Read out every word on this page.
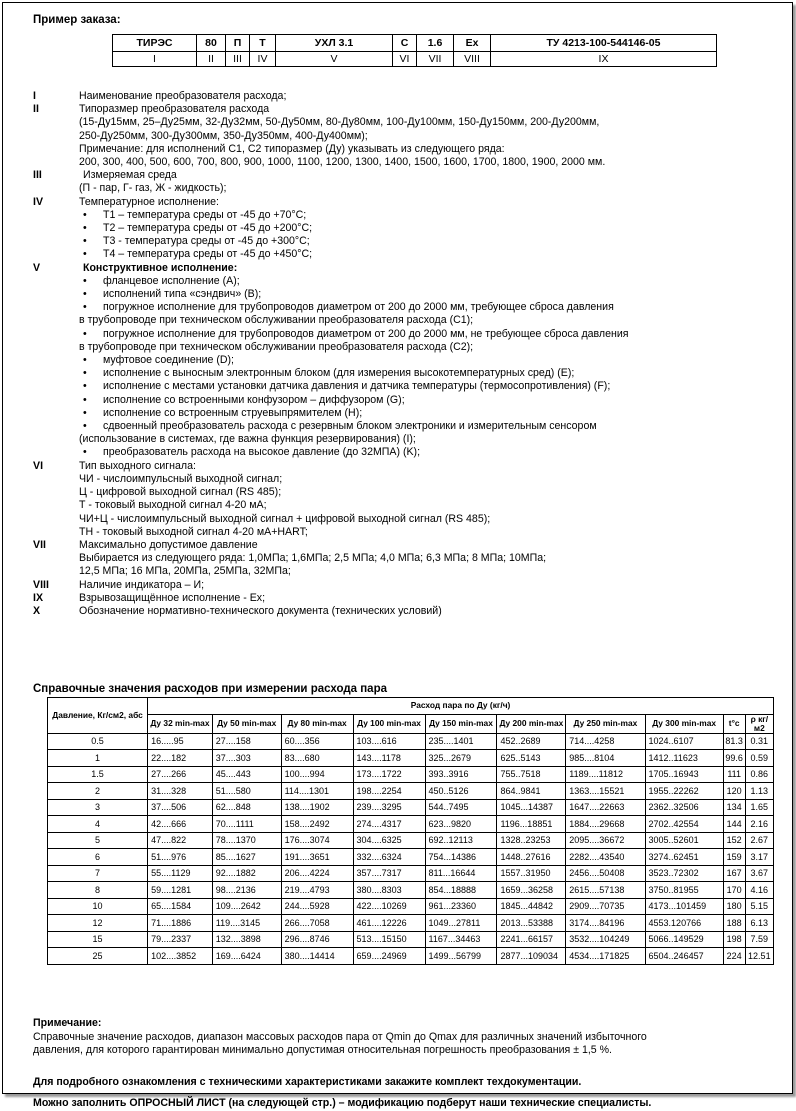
Пример заказа:
ТИРЭС	80	П	Т	УХЛ 3.1	С	1.6	Ex	ТУ 4213-100-544146-05
I	II	III	IV	V	VI	VII	VIII	IX
I	Наименование преобразователя расхода;
II	Типоразмер преобразователя расхода
(15-Ду15мм, 25–Ду25мм, 32-Ду32мм, 50-Ду50мм, 80-Ду80мм, 100-Ду100мм, 150-Ду150мм, 200-Ду200мм,
250-Ду250мм, 300-Ду300мм, 350-Ду350мм, 400-Ду400мм);
Примечание: для исполнений С1, С2 типоразмер (Ду) указывать из следующего ряда:
200, 300, 400, 500, 600, 700, 800, 900, 1000, 1100, 1200, 1300, 1400, 1500, 1600, 1700, 1800, 1900, 2000 мм.
III	Измеряемая среда
(П - пар, Г- газ, Ж - жидкость);
IV	Температурное исполнение:
• Т1 – температура среды от -45 до +70°С;
• Т2 – температура среды от -45 до +200°С;
• Т3 - температура среды от -45 до +300°С;
• Т4 – температура среды от -45 до +450°С;
V	Конструктивное исполнение:
• фланцевое исполнение (А);
• исполнений типа «сэндвич» (В);
• погружное исполнение для трубопроводов диаметром от 200 до 2000 мм, требующее сброса давления
в трубопроводе при техническом обслуживании преобразователя расхода (С1);
• погружное исполнение для трубопроводов диаметром от 200 до 2000 мм, не требующее сброса давления
в трубопроводе при техническом обслуживании преобразователя расхода (С2);
• муфтовое соединение (D);
• исполнение с выносным электронным блоком (для измерения высокотемпературных сред) (E);
• исполнение с местами установки датчика давления и датчика температуры (термосопротивления) (F);
• исполнение со встроенными конфузором – диффузором (G);
• исполнение со встроенным струевыпрямителем (H);
• сдвоенный преобразователь расхода с резервным блоком электроники и измерительным сенсором
(использование в системах, где важна функция резервирования) (I);
• преобразователь расхода на высокое давление (до 32МПА) (K);
VI	Тип выходного сигнала:
ЧИ - числоимпульсный выходной сигнал;
Ц - цифровой выходной сигнал (RS 485);
Т - токовый выходной сигнал 4-20 мА;
ЧИ+Ц - числоимпульсный выходной сигнал + цифровой выходной сигнал (RS 485);
ТН - токовый выходной сигнал 4-20 мА+HART;
VII	Максимально допустимое давление
Выбирается из следующего ряда: 1,0МПа; 1,6МПа; 2,5 МПа; 4,0 МПа; 6,3 МПа; 8 МПа; 10МПа;
12,5 МПа; 16 МПа, 20МПа, 25МПа, 32МПа;
VIII	Наличие индикатора – И;
IX	Взрывозащищённое исполнение - Ex;
X	Обозначение нормативно-технического документа (технических условий)
Справочные значения расходов при измерении расхода пара
Давление, Кг/см2, абс	Расход пара по Ду (кг/ч)									
	Ду 32 min-max	Ду 50 min-max	Ду 80 min-max	Ду 100 min-max	Ду 150 min-max	Ду 200 min-max	Ду 250 min-max	Ду 300 min-max	t°c	ρ кг/м2
0.5	16.....95	27....158	60....356	103....616	235....1401	452..2689	714....4258	1024..6107	81.3	0.31
1	22....182	37....303	83....680	143....1178	325...2679	625..5143	985....8104	1412..11623	99.6	0.59
1.5	27....266	45....443	100....994	173....1722	393..3916	755..7518	1189....11812	1705..16943	111	0.86
2	31....328	51....580	114....1301	198....2254	450..5126	864..9841	1363....15521	1955..22262	120	1.13
3	37....506	62....848	138....1902	239....3295	544..7495	1045...14387	1647....22663	2362..32506	134	1.65
4	42....666	70....1111	158....2492	274....4317	623...9820	1196...18851	1884....29668	2702..42554	144	2.16
5	47....822	78....1370	176....3074	304....6325	692..12113	1328..23253	2095....36672	3005..52601	152	2.67
6	51....976	85....1627	191....3651	332....6324	754...14386	1448..27616	2282....43540	3274..62451	159	3.17
7	55....1129	92....1882	206....4224	357....7317	811...16644	1557..31950	2456....50408	3523..72302	167	3.67
8	59....1281	98....2136	219....4793	380....8303	854...18888	1659...36258	2615....57138	3750..81955	170	4.16
10	65....1584	109....2642	244....5928	422....10269	961...23360	1845...44842	2909....70735	4173...101459	180	5.15
12	71....1886	119....3145	266....7058	461....12226	1049...27811	2013...53388	3174....84196	4553.120766	188	6.13
15	79....2337	132....3898	296....8746	513....15150	1167...34463	2241...66157	3532....104249	5066..149529	198	7.59
25	102....3852	169....6424	380....14414	659....24969	1499...56799	2877...109034	4534....171825	6504..246457	224	12.51
Примечание:
Справочные значение расходов, диапазон массовых расходов пара от Qmin до Qmax для различных значений избыточного
давления, для которого гарантирован минимально допустимая относительная погрешность преобразования ± 1,5 %.
Для подробного ознакомления с техническими характеристиками закажите комплект техдокументации.
Можно заполнить ОПРОСНЫЙ ЛИСТ (на следующей стр.) – модификацию подберут наши технические специалисты.
